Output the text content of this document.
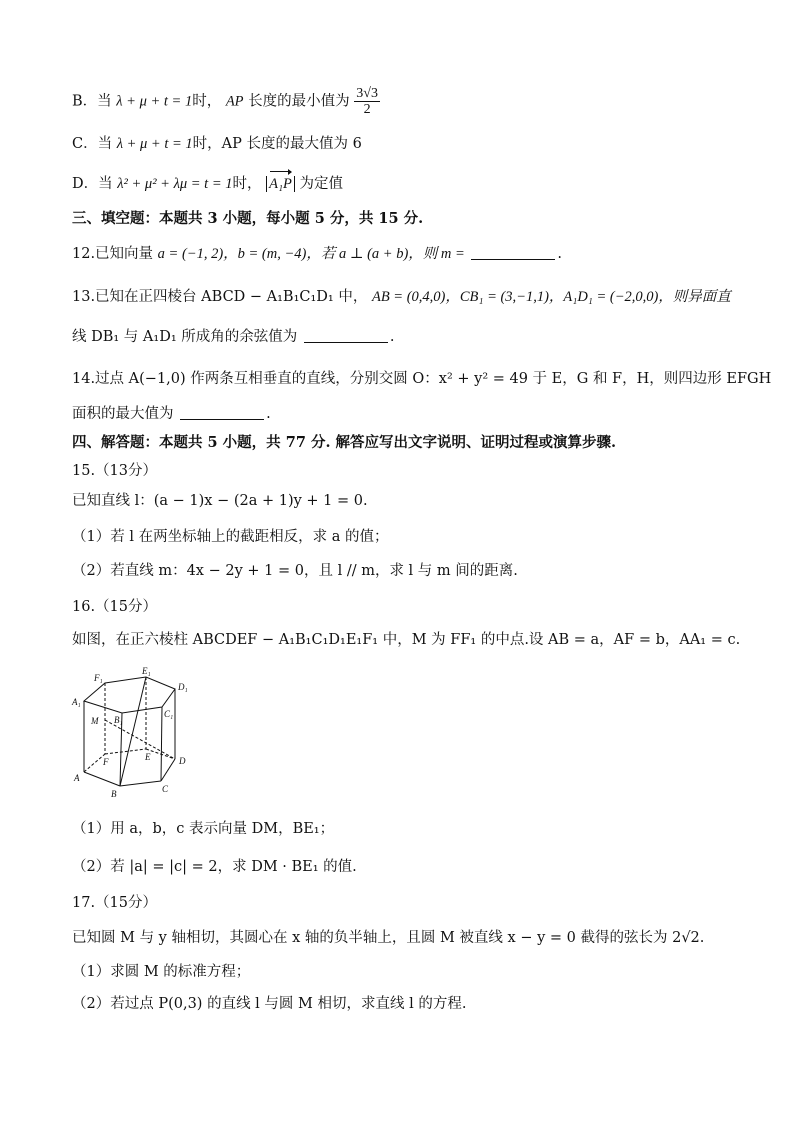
B．当 λ + μ + t = 1时， AP 长度的最小值为 $\frac{3√3}{2}$
C．当 λ + μ + t = 1时，AP 长度的最大值为 6
D．当 λ² + μ² + λμ = t = 1时， A₁P 为定值
三、填空题：本题共 3 小题，每小题 5 分，共 15 分.
12.已知向量 a = (−1, 2)，b = (m, −4)，若 a ⊥ (a + b)，则 m =	.
13.已知在正四棱台 ABCD − A₁B₁C₁D₁ 中， AB = (0,4,0)，CB₁ = (3,−1,1)，A₁D₁ = (−2,0,0)，则异面直
线 DB₁ 与 A₁D₁ 所成角的余弦值为	.
14.过点 A(−1,0) 作两条互相垂直的直线，分别交圆 O：x² + y² = 49 于 E，G 和 F，H，则四边形 EFGH
面积的最大值为	.
四、解答题：本题共 5 小题，共 77 分. 解答应写出文字说明、证明过程或演算步骤.
15.（13分）
已知直线 l：(a − 1)x − (2a + 1)y + 1 = 0.
（1）若 l 在两坐标轴上的截距相反，求 a 的值；
（2）若直线 m：4x − 2y + 1 = 0，且 l // m，求 l 与 m 间的距离.
16.（15分）
如图，在正六棱柱 ABCDEF − A₁B₁C₁D₁E₁F₁ 中，M 为 FF₁ 的中点.设 AB = a，AF = b，AA₁ = c.
F₁
E₁
D₁
A₁
B₁
C₁
M
F	E	D
A
B	C
（1）用 a，b，c 表示向量 DM，BE₁；
（2）若 |a| = |c| = 2，求 DM · BE₁ 的值.
17.（15分）
已知圆 M 与 y 轴相切，其圆心在 x 轴的负半轴上，且圆 M 被直线 x − y = 0 截得的弦长为 2√2.
（1）求圆 M 的标准方程；
（2）若过点 P(0,3) 的直线 l 与圆 M 相切，求直线 l 的方程.
